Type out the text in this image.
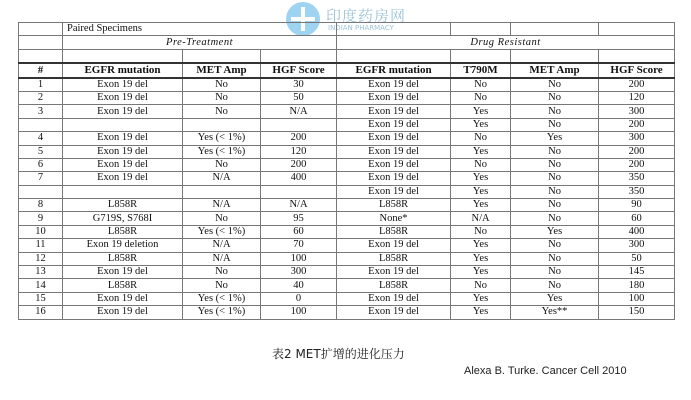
印度药房网
INDIAN PHARMACY
	Paired Specimens						
	Pre-Treatment			Drug Resistant			

#	EGFR mutation	MET Amp	HGF Score	EGFR mutation	T790M	MET Amp	HGF Score
1	Exon 19 del	No	30	Exon 19 del	No	No	200
2	Exon 19 del	No	50	Exon 19 del	No	No	120
3	Exon 19 del	No	N/A	Exon 19 del	Yes	No	300
				Exon 19 del	Yes	No	200
4	Exon 19 del	Yes (< 1%)	200	Exon 19 del	No	Yes	300
5	Exon 19 del	Yes (< 1%)	120	Exon 19 del	Yes	No	200
6	Exon 19 del	No	200	Exon 19 del	No	No	200
7	Exon 19 del	N/A	400	Exon 19 del	Yes	No	350
				Exon 19 del	Yes	No	350
8	L858R	N/A	N/A	L858R	Yes	No	90
9	G719S, S768I	No	95	None*	N/A	No	60
10	L858R	Yes (< 1%)	60	L858R	No	Yes	400
11	Exon 19 deletion	N/A	70	Exon 19 del	Yes	No	300
12	L858R	N/A	100	L858R	Yes	No	50
13	Exon 19 del	No	300	Exon 19 del	Yes	No	145
14	L858R	No	40	L858R	No	No	180
15	Exon 19 del	Yes (< 1%)	0	Exon 19 del	Yes	Yes	100
16	Exon 19 del	Yes (< 1%)	100	Exon 19 del	Yes	Yes**	150
表2 MET扩增的进化压力
Alexa B. Turke. Cancer Cell 2010
